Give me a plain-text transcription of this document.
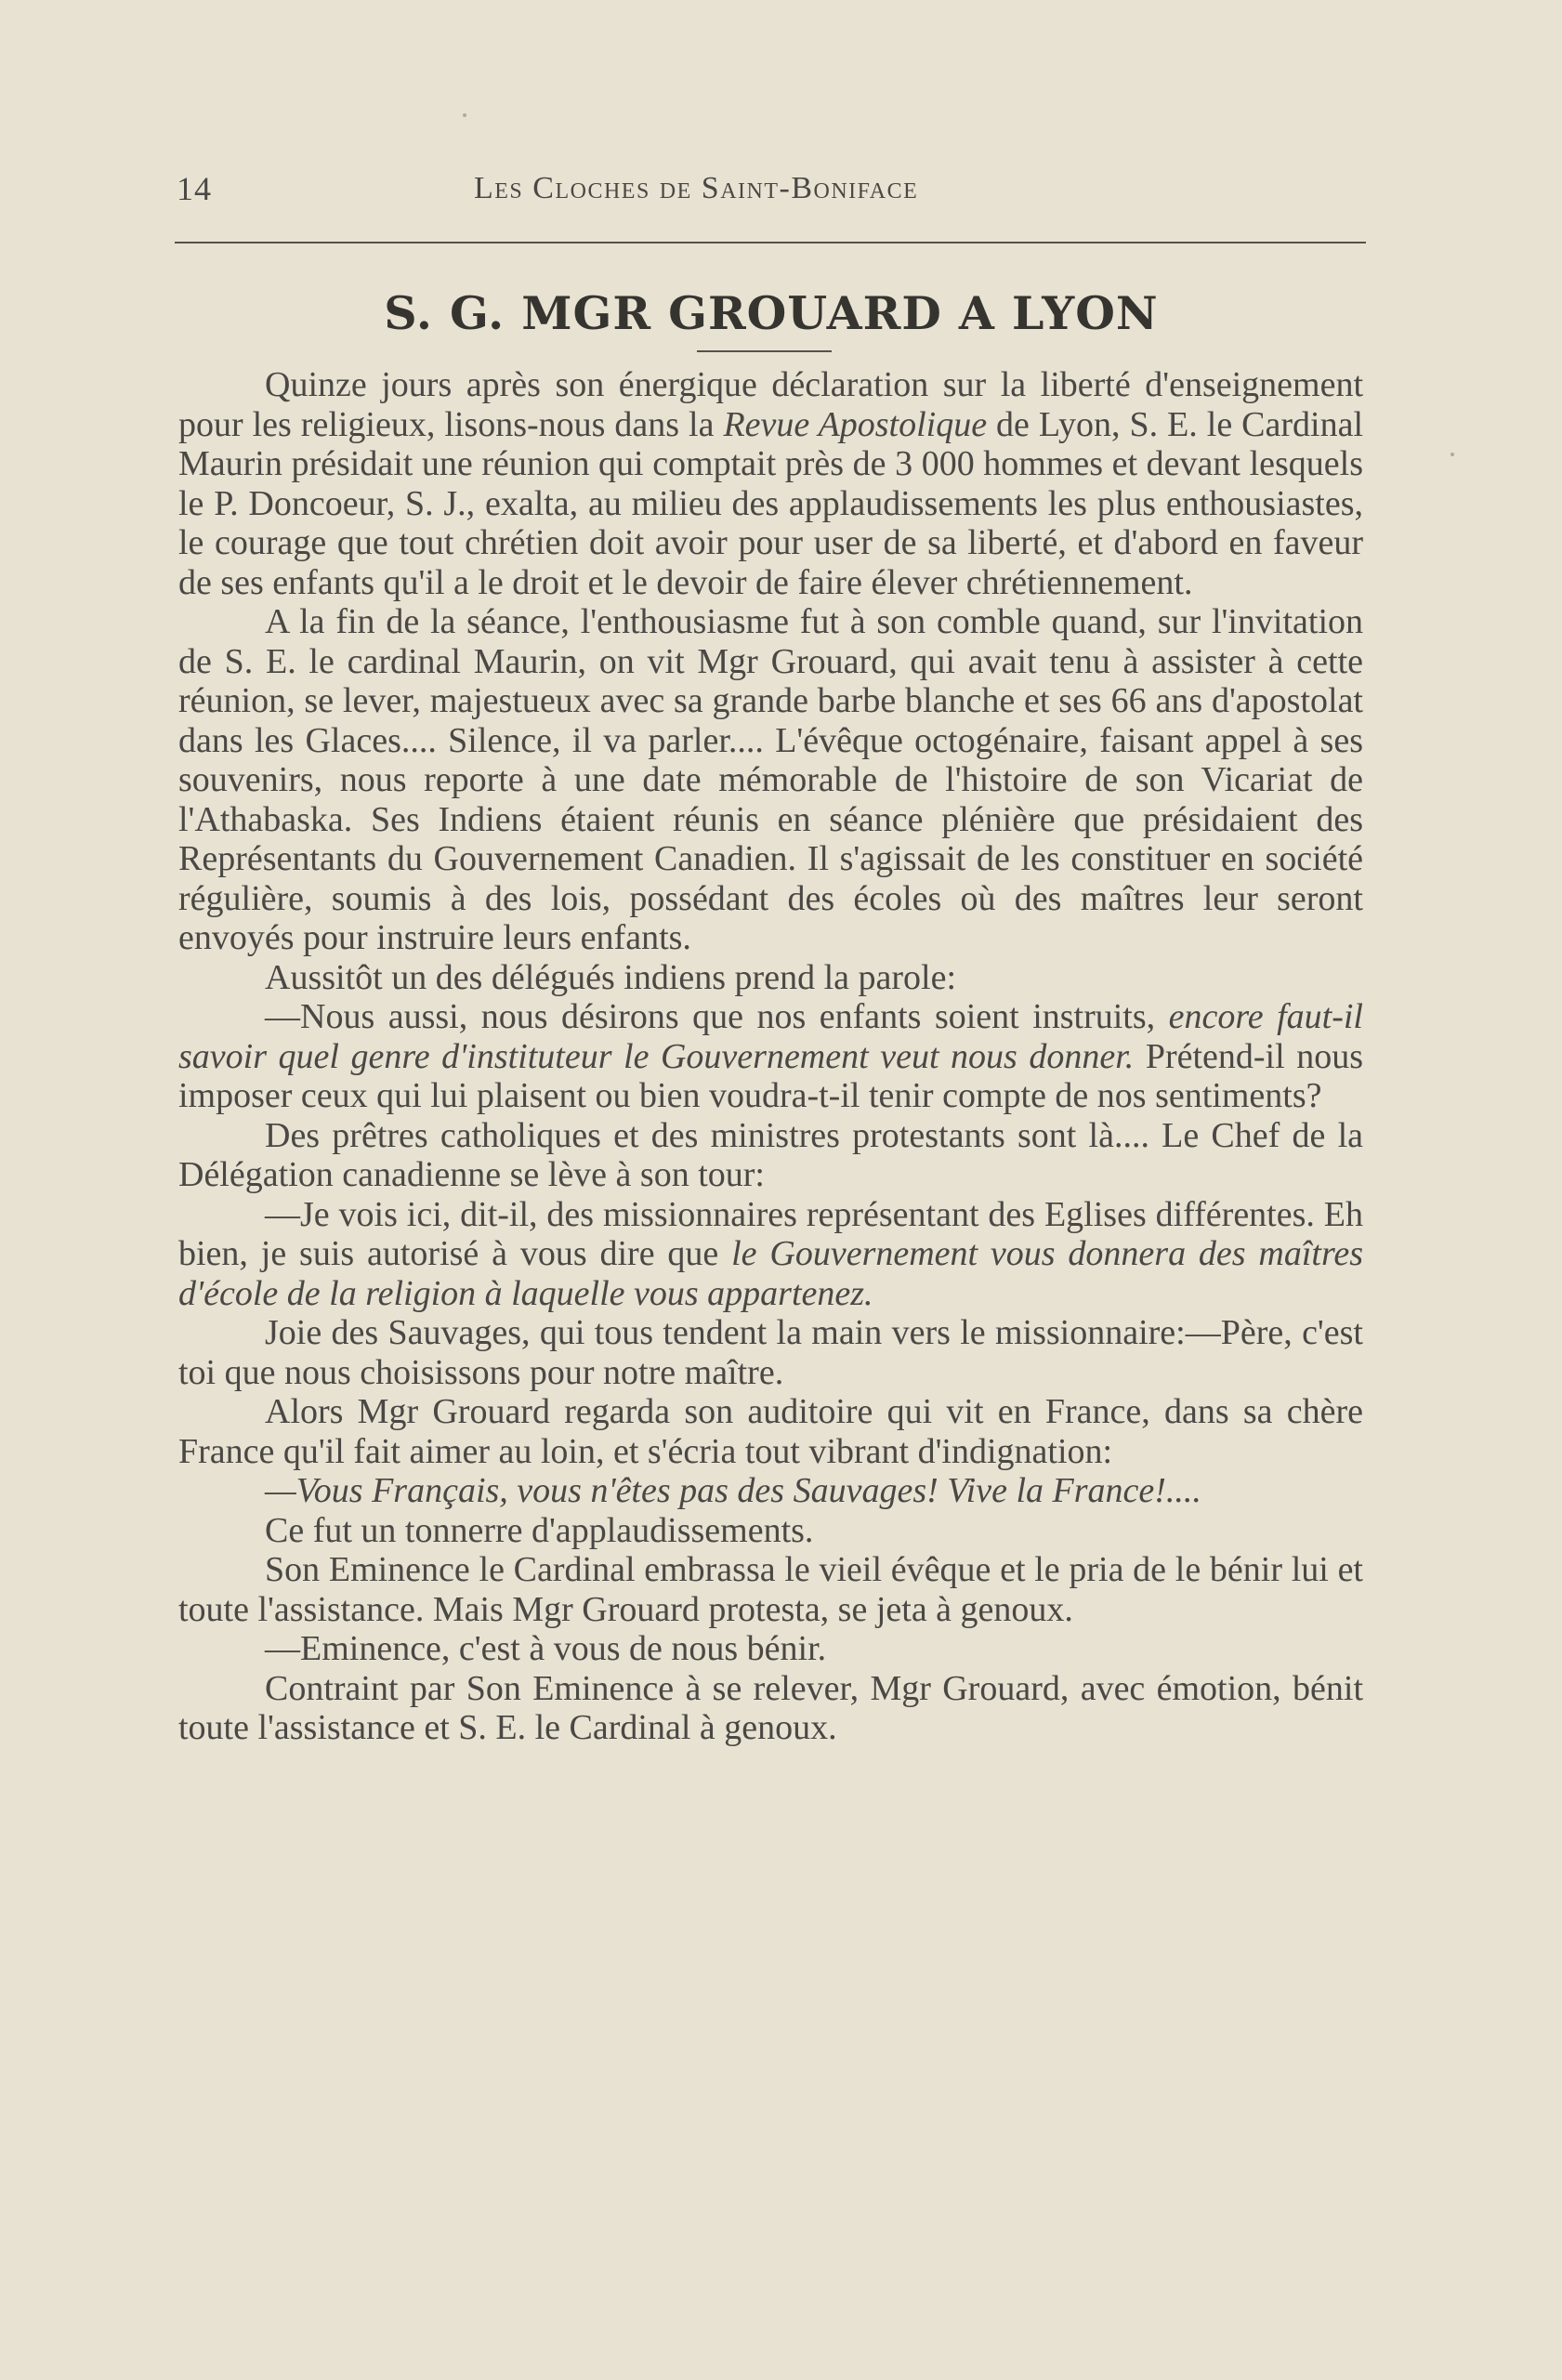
14	Les Cloches de Saint-Boniface
S. G. MGR GROUARD A LYON

Quinze jours après son énergique déclaration sur la liberté d'enseignement pour les religieux, lisons-nous dans la Revue Apostolique de Lyon, S. E. le Cardinal Maurin présidait une réunion qui comptait près de 3 000 hommes et devant lesquels le P. Doncoeur, S. J., exalta, au milieu des applaudissements les plus enthousiastes, le courage que tout chrétien doit avoir pour user de sa liberté, et d'abord en faveur de ses enfants qu'il a le droit et le devoir de faire élever chrétiennement.

A la fin de la séance, l'enthousiasme fut à son comble quand, sur l'invitation de S. E. le cardinal Maurin, on vit Mgr Grouard, qui avait tenu à assister à cette réunion, se lever, majestueux avec sa grande barbe blanche et ses 66 ans d'apostolat dans les Glaces.... Silence, il va parler.... L'évêque octogénaire, faisant appel à ses souvenirs, nous reporte à une date mémorable de l'histoire de son Vicariat de l'Athabaska. Ses Indiens étaient réunis en séance plénière que présidaient des Représentants du Gouvernement Canadien. Il s'agissait de les constituer en société régulière, soumis à des lois, possédant des écoles où des maîtres leur seront envoyés pour instruire leurs enfants.

Aussitôt un des délégués indiens prend la parole:

—Nous aussi, nous désirons que nos enfants soient instruits, encore faut-il savoir quel genre d'instituteur le Gouvernement veut nous donner. Prétend-il nous imposer ceux qui lui plaisent ou bien voudra-t-il tenir compte de nos sentiments?

Des prêtres catholiques et des ministres protestants sont là.... Le Chef de la Délégation canadienne se lève à son tour:

—Je vois ici, dit-il, des missionnaires représentant des Eglises différentes. Eh bien, je suis autorisé à vous dire que le Gouvernement vous donnera des maîtres d'école de la religion à laquelle vous appartenez.

Joie des Sauvages, qui tous tendent la main vers le missionnaire:—Père, c'est toi que nous choisissons pour notre maître.

Alors Mgr Grouard regarda son auditoire qui vit en France, dans sa chère France qu'il fait aimer au loin, et s'écria tout vibrant d'indignation:

—Vous Français, vous n'êtes pas des Sauvages! Vive la France!....

Ce fut un tonnerre d'applaudissements.

Son Eminence le Cardinal embrassa le vieil évêque et le pria de le bénir lui et toute l'assistance. Mais Mgr Grouard protesta, se jeta à genoux.

—Eminence, c'est à vous de nous bénir.

Contraint par Son Eminence à se relever, Mgr Grouard, avec émotion, bénit toute l'assistance et S. E. le Cardinal à genoux.
